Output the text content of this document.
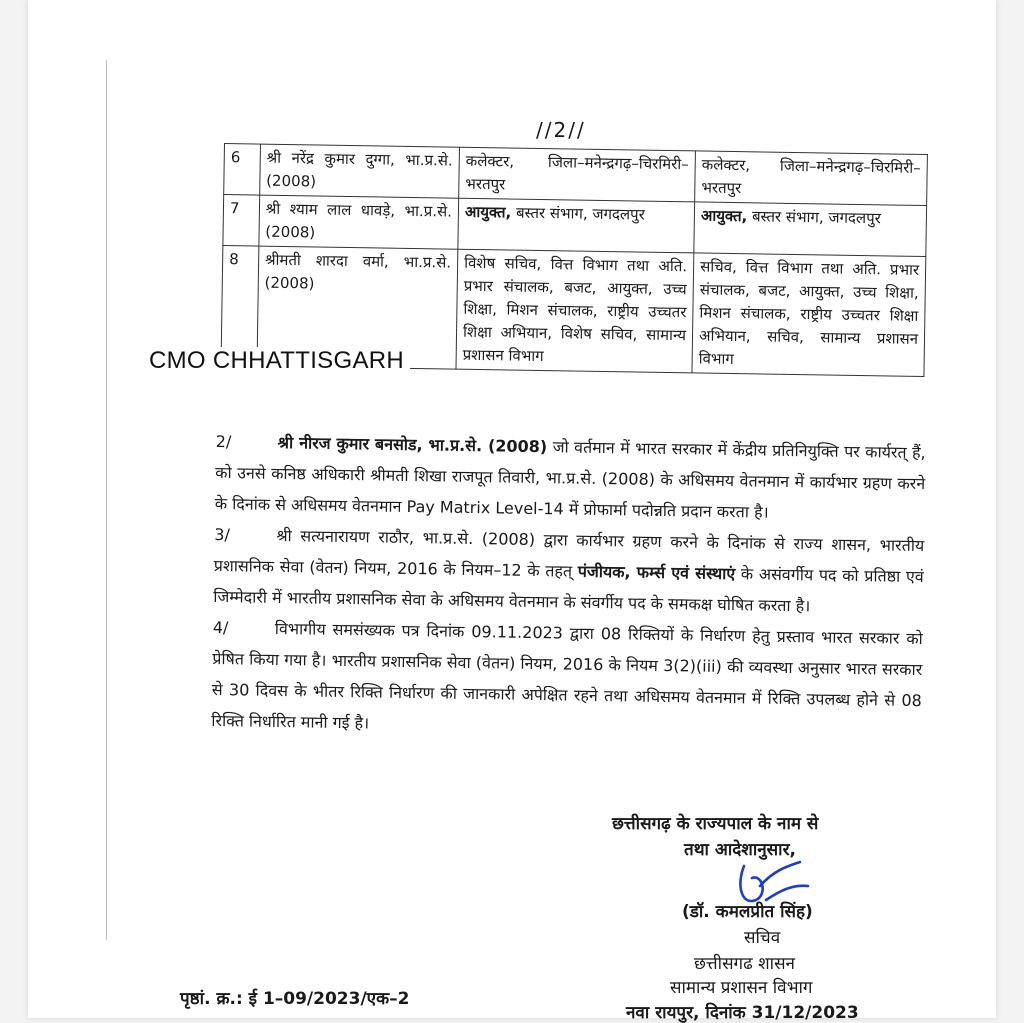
//2//
6	श्री नरेंद्र कुमार दुग्गा, भा.प्र.से. (2008)	कलेक्टर, जिला–मनेन्द्रगढ़–चिरमिरी–भरतपुर	कलेक्टर, जिला–मनेन्द्रगढ़–चिरमिरी–भरतपुर
7	श्री श्याम लाल धावड़े, भा.प्र.से. (2008)	आयुक्त, बस्तर संभाग, जगदलपुर	आयुक्त, बस्तर संभाग, जगदलपुर
8	श्रीमती शारदा वर्मा, भा.प्र.से. (2008)	विशेष सचिव, वित्त विभाग तथा अति. प्रभार संचालक, बजट, आयुक्त, उच्च शिक्षा, मिशन संचालक, राष्ट्रीय उच्चतर शिक्षा अभियान, विशेष सचिव, सामान्य प्रशासन विभाग	सचिव, वित्त विभाग तथा अति. प्रभार संचालक, बजट, आयुक्त, उच्च शिक्षा, मिशन संचालक, राष्ट्रीय उच्चतर शिक्षा अभियान, सचिव, सामान्य प्रशासन विभाग

2/	श्री नीरज कुमार बनसोड, भा.प्र.से. (2008) जो वर्तमान में भारत सरकार में केंद्रीय प्रतिनियुक्ति पर कार्यरत् हैं, को उनसे कनिष्ठ अधिकारी श्रीमती शिखा राजपूत तिवारी, भा.प्र.से. (2008) के अधिसमय वेतनमान में कार्यभार ग्रहण करने के दिनांक से अधिसमय वेतनमान Pay Matrix Level-14 में प्रोफार्मा पदोन्नति प्रदान करता है।

3/	श्री सत्यनारायण राठौर, भा.प्र.से. (2008) द्वारा कार्यभार ग्रहण करने के दिनांक से राज्य शासन, भारतीय प्रशासनिक सेवा (वेतन) नियम, 2016 के नियम–12 के तहत् पंजीयक, फर्म्स एवं संस्थाएं के असंवर्गीय पद को प्रतिष्ठा एवं जिम्मेदारी में भारतीय प्रशासनिक सेवा के अधिसमय वेतनमान के संवर्गीय पद के समकक्ष घोषित करता है।

4/	विभागीय समसंख्यक पत्र दिनांक 09.11.2023 द्वारा 08 रिक्तियों के निर्धारण हेतु प्रस्ताव भारत सरकार को प्रेषित किया गया है। भारतीय प्रशासनिक सेवा (वेतन) नियम, 2016 के नियम 3(2)(iii) की व्यवस्था अनुसार भारत सरकार से 30 दिवस के भीतर रिक्ति निर्धारण की जानकारी अपेक्षित रहने तथा अधिसमय वेतनमान में रिक्ति उपलब्ध होने से 08 रिक्ति निर्धारित मानी गई है।

CMO CHHATTISGARH
छत्तीसगढ़ के राज्यपाल के नाम से
तथा आदेशानुसार,
(डॉ. कमलप्रीत सिंह)
सचिव
छत्तीसगढ शासन
सामान्य प्रशासन विभाग
पृष्ठां. क्र.: ई 1–09/2023/एक–2
नवा रायपुर, दिनांक 31/12/2023
